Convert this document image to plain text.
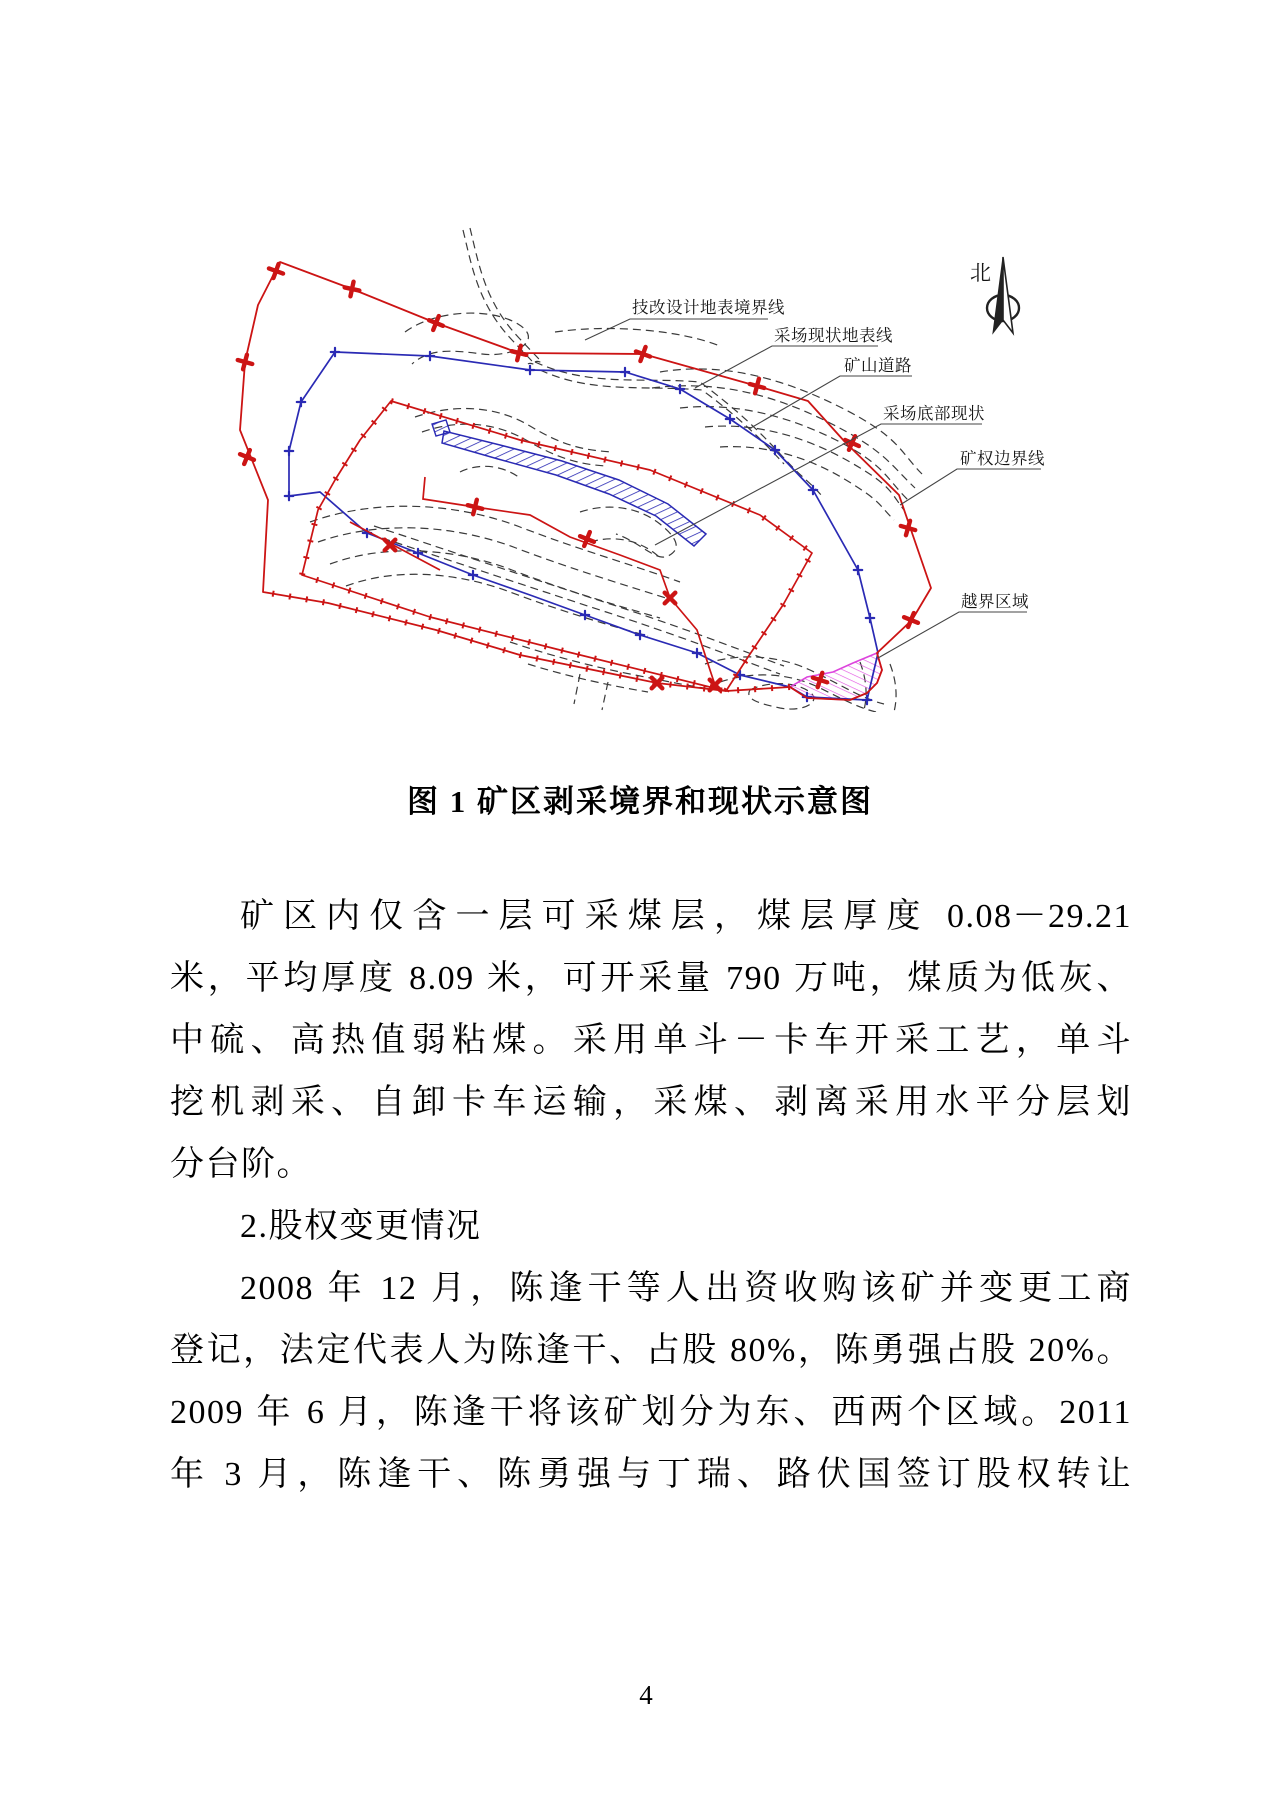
技改设计地表境界线
采场现状地表线
矿山道路
采场底部现状
矿权边界线
越界区域
北
图 1 矿区剥采境界和现状示意图
矿区内仅含一层可采煤层，煤层厚度 0.08－29.21
米，平均厚度 8.09 米，可开采量 790 万吨，煤质为低灰、
中硫、高热值弱粘煤。采用单斗－卡车开采工艺，单斗
挖机剥采、自卸卡车运输，采煤、剥离采用水平分层划
分台阶。
2.股权变更情况
2008 年 12 月，陈逢干等人出资收购该矿并变更工商
登记，法定代表人为陈逢干、占股 80%，陈勇强占股 20%。
2009 年 6 月，陈逢干将该矿划分为东、西两个区域。2011
年 3 月，陈逢干、陈勇强与丁瑞、路伏国签订股权转让
4
